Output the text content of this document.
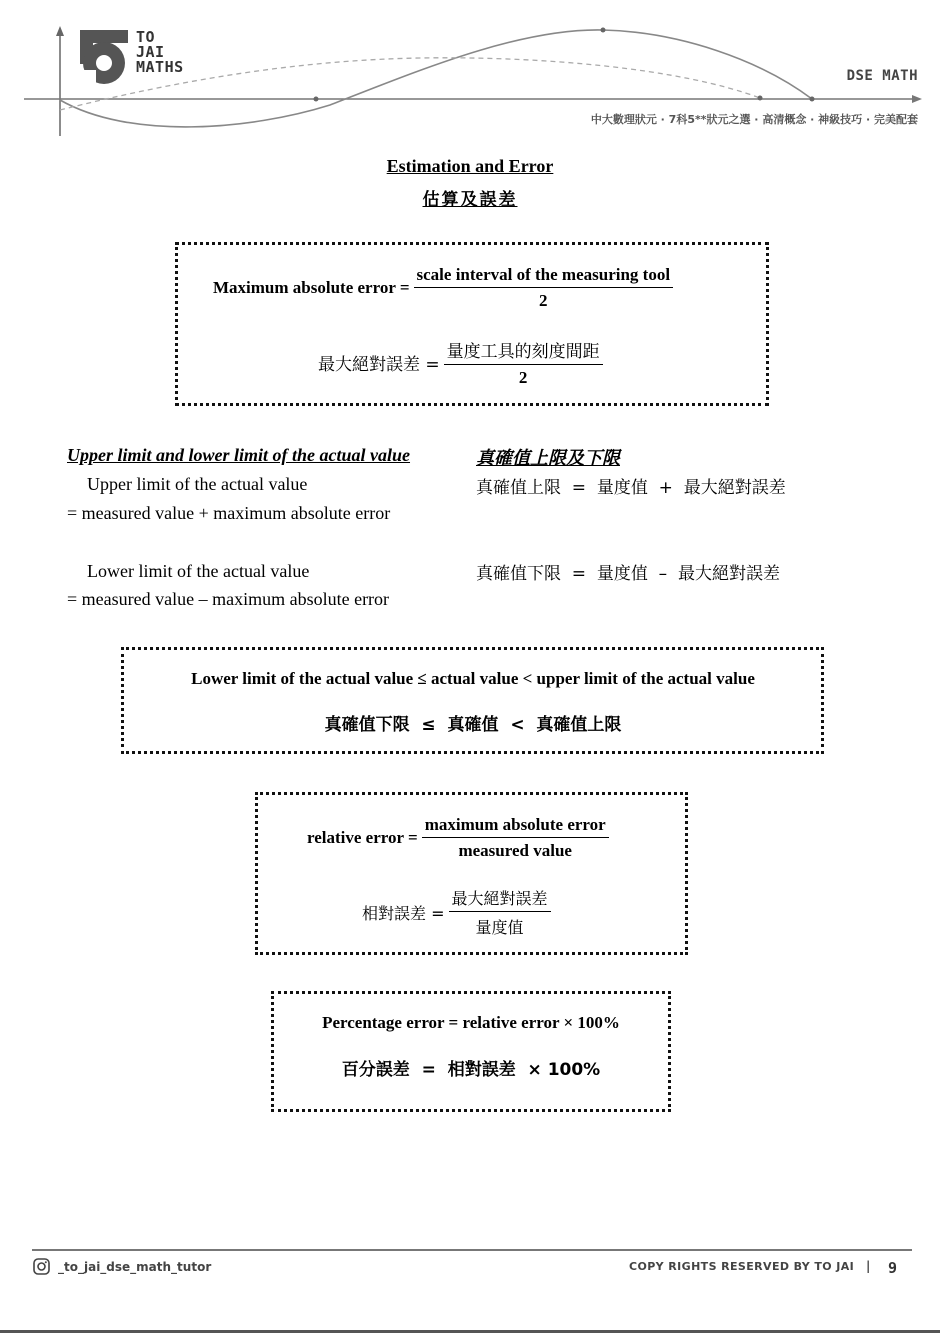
TO
JAI
MATHS	DSE MATH
中大數理狀元 · 7科5**狀元之選 · 高清概念 · 神級技巧 · 完美配套
Estimation and Error
估算及誤差
Maximum absolute error = $\frac{\text{scale interval of the measuring tool}}{2}$
最大絕對誤差 = $\frac{\text{量度工具的刻度間距}}{2}$
Upper limit and lower limit of the actual value	真確值上限及下限
Upper limit of the actual value
= measured value + maximum absolute error
真確值上限  =  量度值  +  最大絕對誤差
Lower limit of the actual value
= measured value – maximum absolute error
真確值下限  =  量度值  –  最大絕對誤差
Lower limit of the actual value ≤ actual value < upper limit of the actual value
真確值下限  ≤  真確值  <  真確值上限
relative error = $\frac{\text{maximum absolute error}}{\text{measured value}}$
相對誤差 = $\frac{\text{最大絕對誤差}}{\text{量度值}}$
Percentage error = relative error × 100%
百分誤差  =  相對誤差  × 100%
_to_jai_dse_math_tutor	COPY RIGHTS RESERVED BY TO JAI | 9
